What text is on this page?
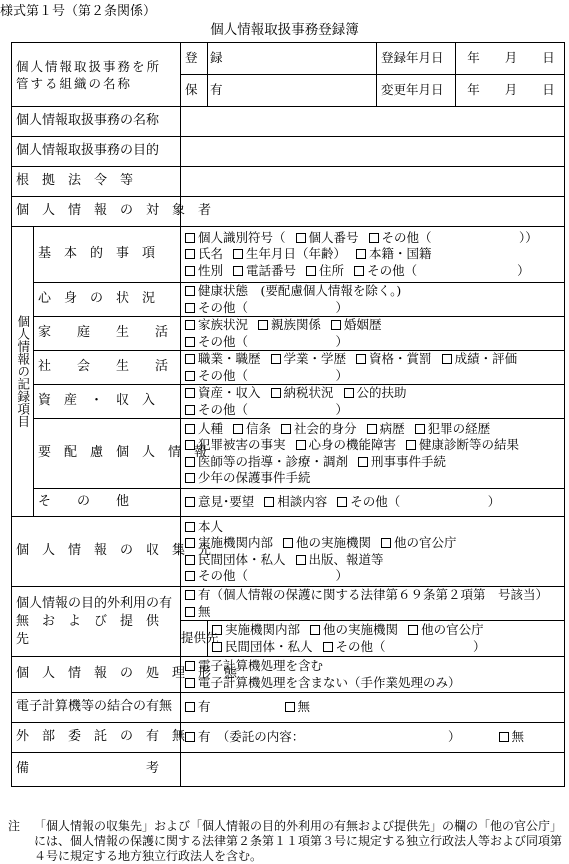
様式第１号（第２条関係）
個人情報取扱事務登録簿
個人情報取扱事務を所管する組織の名称		登　録		登録年月日	年　　月　　日
		保　有		変更年月日	年　　月　　日
個人情報取扱事務の名称					
個人情報取扱事務の目的					
根　拠　法　令　等					
個　人　情　報　の　対　象　者					
個人情報の記録項目	基　本　的　事　項	個人識別符号（ 個人番号 その他（　　　　　　　））
氏名 生年月日（年齢） 本籍・国籍
性別 電話番号 住所 その他（　　　　　　　　）			

	心　身　の　状　況	健康状態　(要配慮個人情報を除く。)
その他（　　　　　　　）			

	家　　庭　　生　　活	家族状況 親族関係 婚姻歴
その他（　　　　　　　）			

	社　　会　　生　　活	職業・職歴 学業・学歴 資格・賞罰 成績・評価
その他（　　　　　　　）			

	資　産　・　収　入	資産・収入 納税状況 公的扶助
その他（　　　　　　　）			

	要　配　慮　個　人　情　報	人種 信条 社会的身分 病歴 犯罪の経歴
犯罪被害の事実 心身の機能障害 健康診断等の結果
医師等の指導・診療・調剤 刑事事件手続
少年の保護事件手続			

	そ　　の　　他	意見･要望 相談内容 その他（　　　　　　　）			

個　人　情　報　の　収　集　先		本人
実施機関内部 他の実施機関 他の官公庁
民間団体・私人 出版、報道等
その他（　　　　　　　）			

個人情報の目的外利用の有　無　お　よ　び　提　供　先		有（個人情報の保護に関する法律第６９条第２項第　号該当）
無			

		提供先	実施機関内部 他の実施機関 他の官公庁
民間団体・私人 その他（　　　　　　　）		

個　人　情　報　の　処　理　形　態		電子計算機処理を含む
電子計算機処理を含まない（手作業処理のみ）			

電子計算機等の結合の有無		有 無			
外　部　委　託　の　有　無		有　（委託の内容：　　　　　　　　　　　　） 無			
備　　　　　　　　　考					
注 「個人情報の収集先」および「個人情報の目的外利用の有無および提供先」の欄の「他の官公庁」には、個人情報の保護に関する法律第２条第１１項第３号に規定する独立行政法人等および同項第４号に規定する地方独立行政法人を含む。
